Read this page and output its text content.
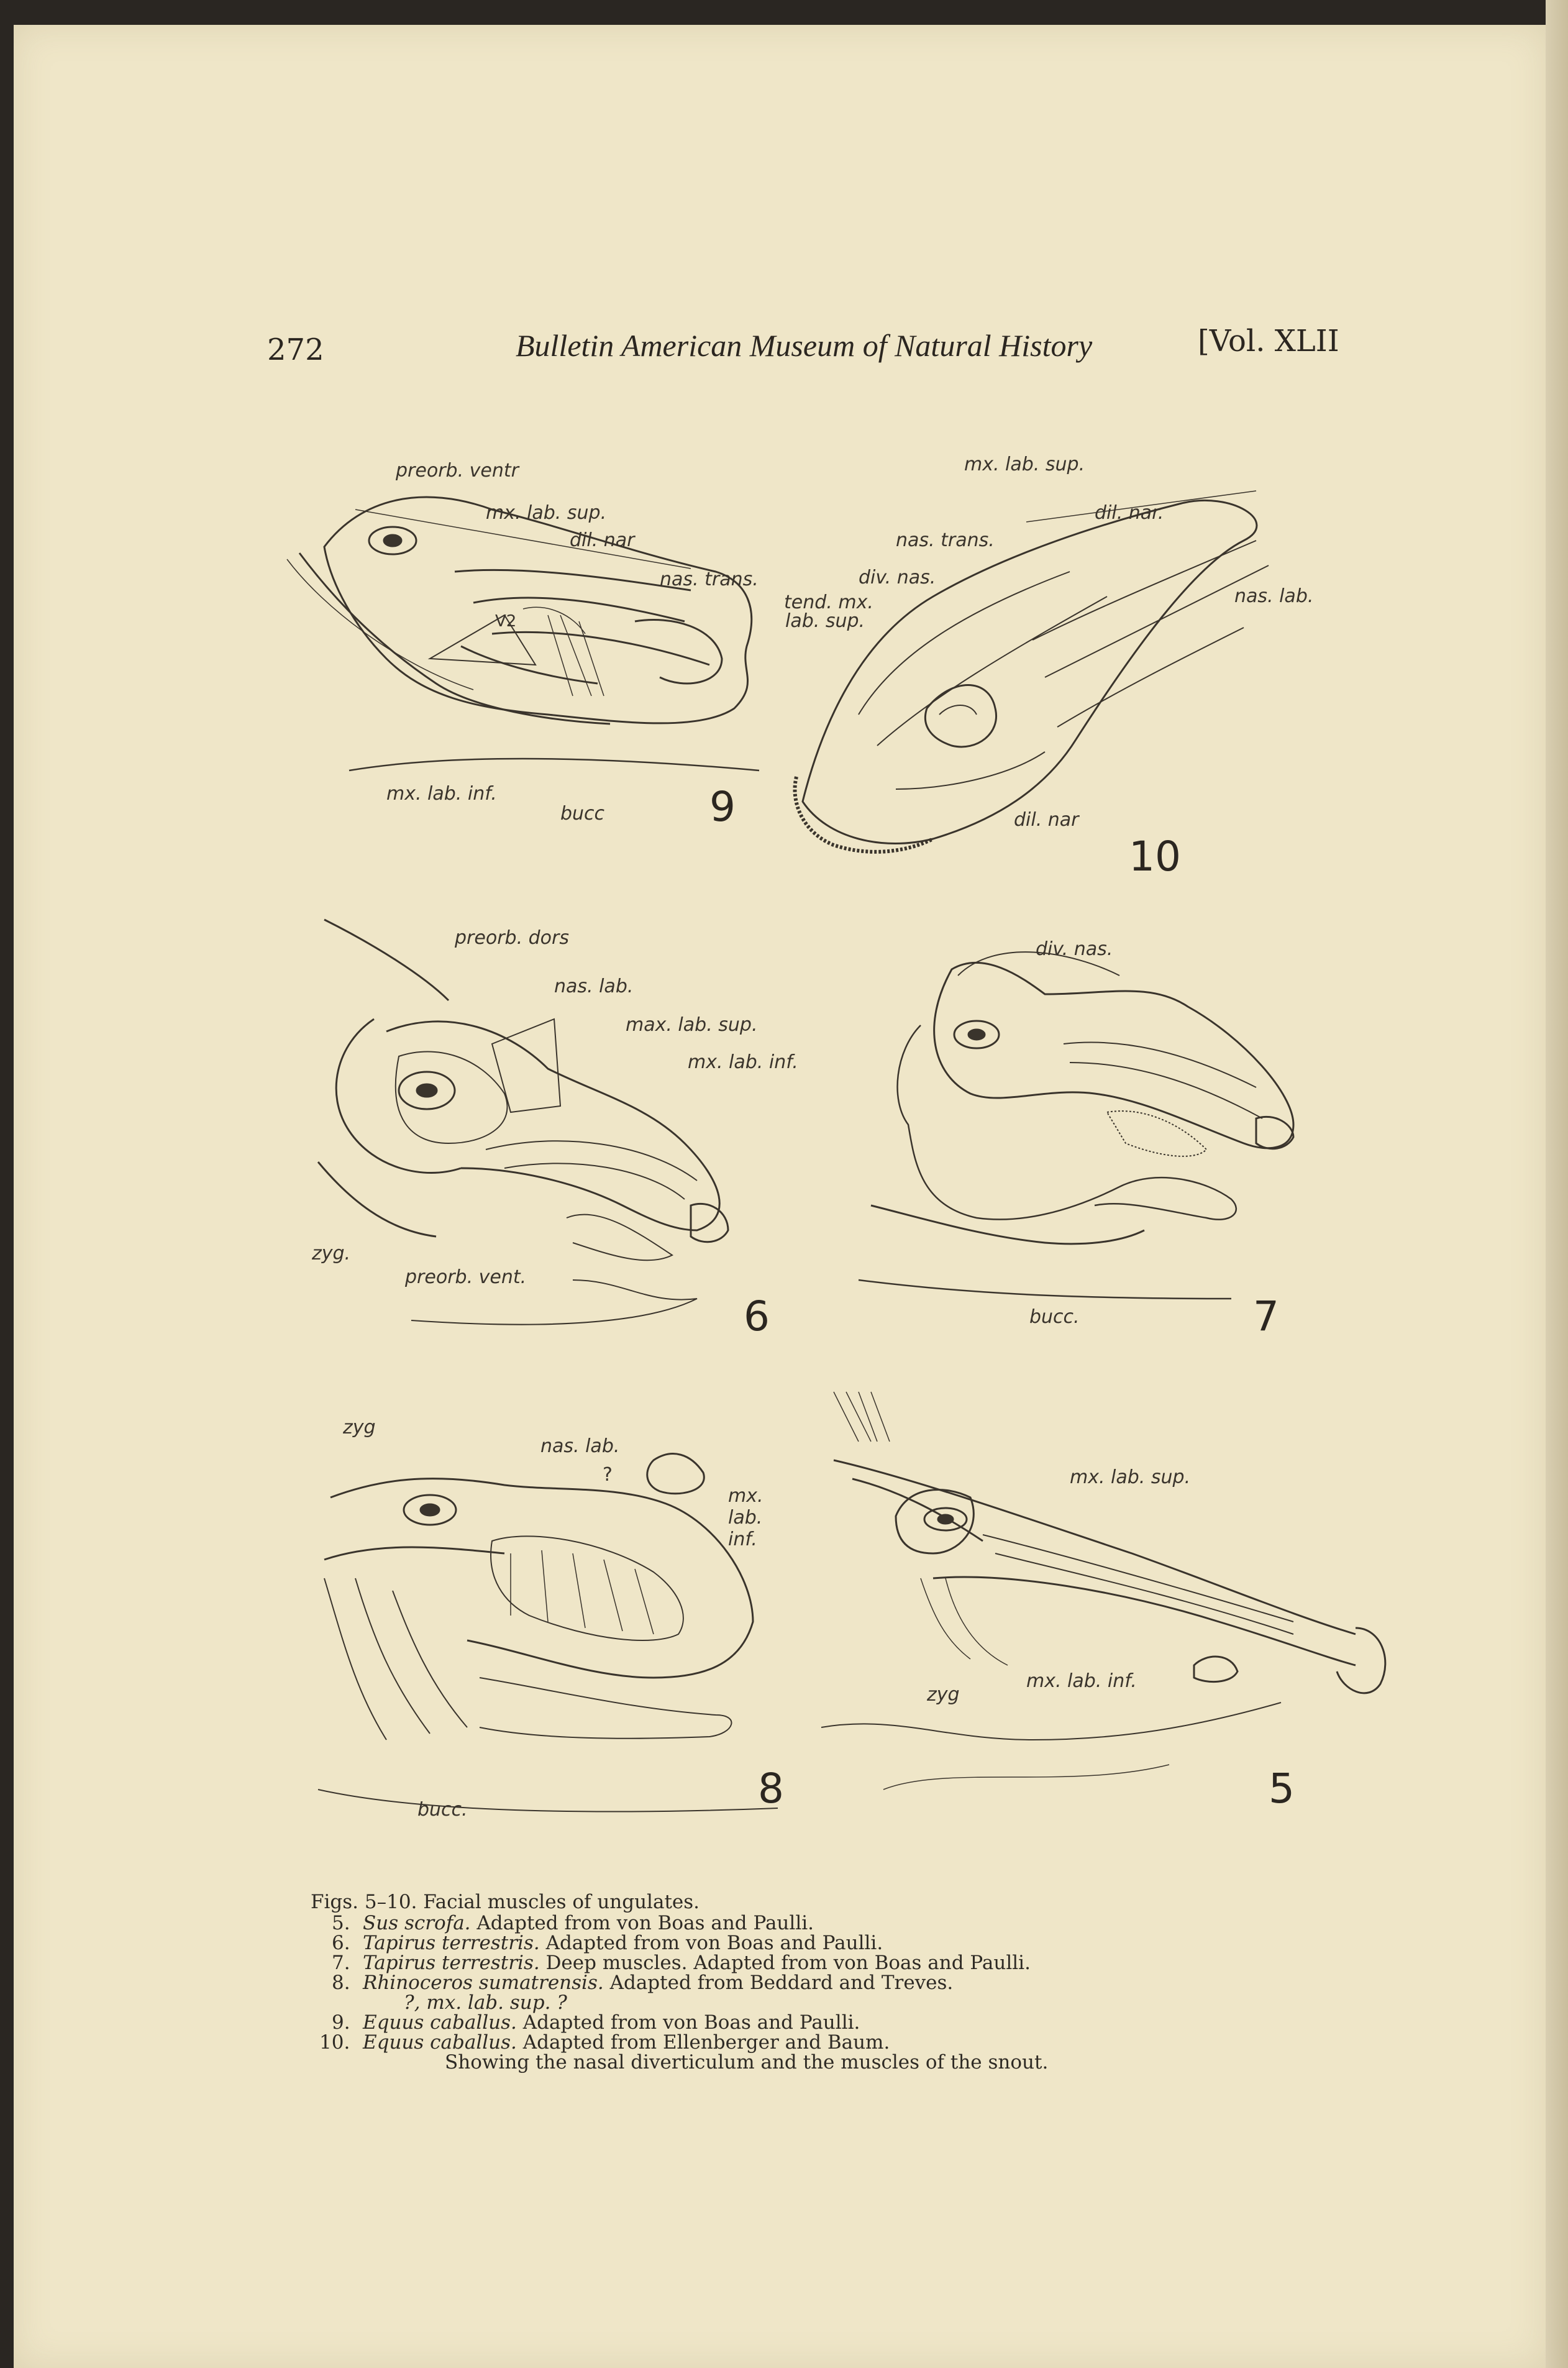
272	Bulletin American Museum of Natural History	[Vol. XLII
preorb. ventr
mx. lab. sup.
dil. nar
nas. trans.
V2
mx. lab. inf.
bucc	9
mx. lab. sup.
dil. nar.
nas. trans.
div. nas.
nas. lab.
tend. mx.
lab. sup.
dil. nar
10
preorb. dors
nas. lab.
max. lab. sup.
mx. lab. inf.
zyg.
preorb. vent.
6
div. nas.
bucc.	7
zyg
nas. lab.
?
mx. lab. inf.
bucc.	8
mx. lab. sup.
zyg
mx. lab. inf.
5
Figs. 5–10. Facial muscles of ungulates.
5. Sus scrofa. Adapted from von Boas and Paulli.
6. Tapirus terrestris. Adapted from von Boas and Paulli.
7. Tapirus terrestris. Deep muscles. Adapted from von Boas and Paulli.
8. Rhinoceros sumatrensis. Adapted from Beddard and Treves.
?, mx. lab. sup. ?
9. Equus caballus. Adapted from von Boas and Paulli.
10. Equus caballus. Adapted from Ellenberger and Baum.
Showing the nasal diverticulum and the muscles of the snout.
